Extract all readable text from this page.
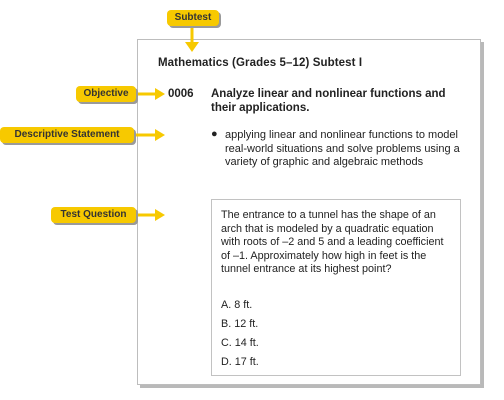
Mathematics (Grades 5–12) Subtest I
0006 Analyze linear and nonlinear functions and their applications.
● applying linear and nonlinear functions to model real-world situations and solve problems using a variety of graphic and algebraic methods
The entrance to a tunnel has the shape of an arch that is modeled by a quadratic equation with roots of –2 and 5 and a leading coefficient of –1. Approximately how high in feet is the tunnel entrance at its highest point?
A. 8 ft.
B. 12 ft.
C. 14 ft.
D. 17 ft.
Subtest
Objective
Descriptive Statement
Test Question
